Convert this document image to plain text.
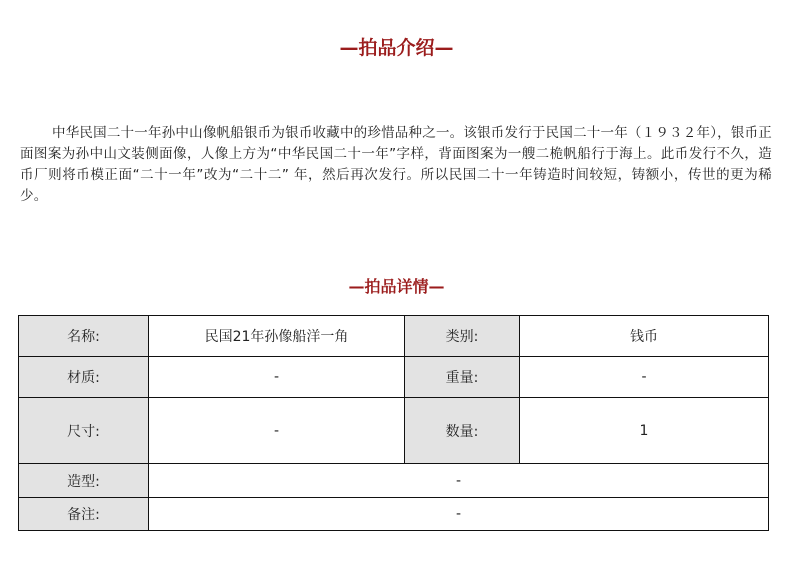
—拍品介绍—

中华民国二十一年孙中山像帆船银币为银币收藏中的珍惜品种之一。该银币发行于民国二十一年（１９３２年），银币正面图案为孙中山文装侧面像，人像上方为“中华民国二十一年”字样，背面图案为一艘二桅帆船行于海上。此币发行不久，造币厂则将币模正面“二十一年”改为“二十二” 年，然后再次发行。所以民国二十一年铸造时间较短，铸额小，传世的更为稀少。

—拍品详情—
名称:	民国21年孙像船洋一角	类别:	钱币
材质:	-	重量:	-
尺寸:	-	数量:	1
造型:	-		
备注:	-		
